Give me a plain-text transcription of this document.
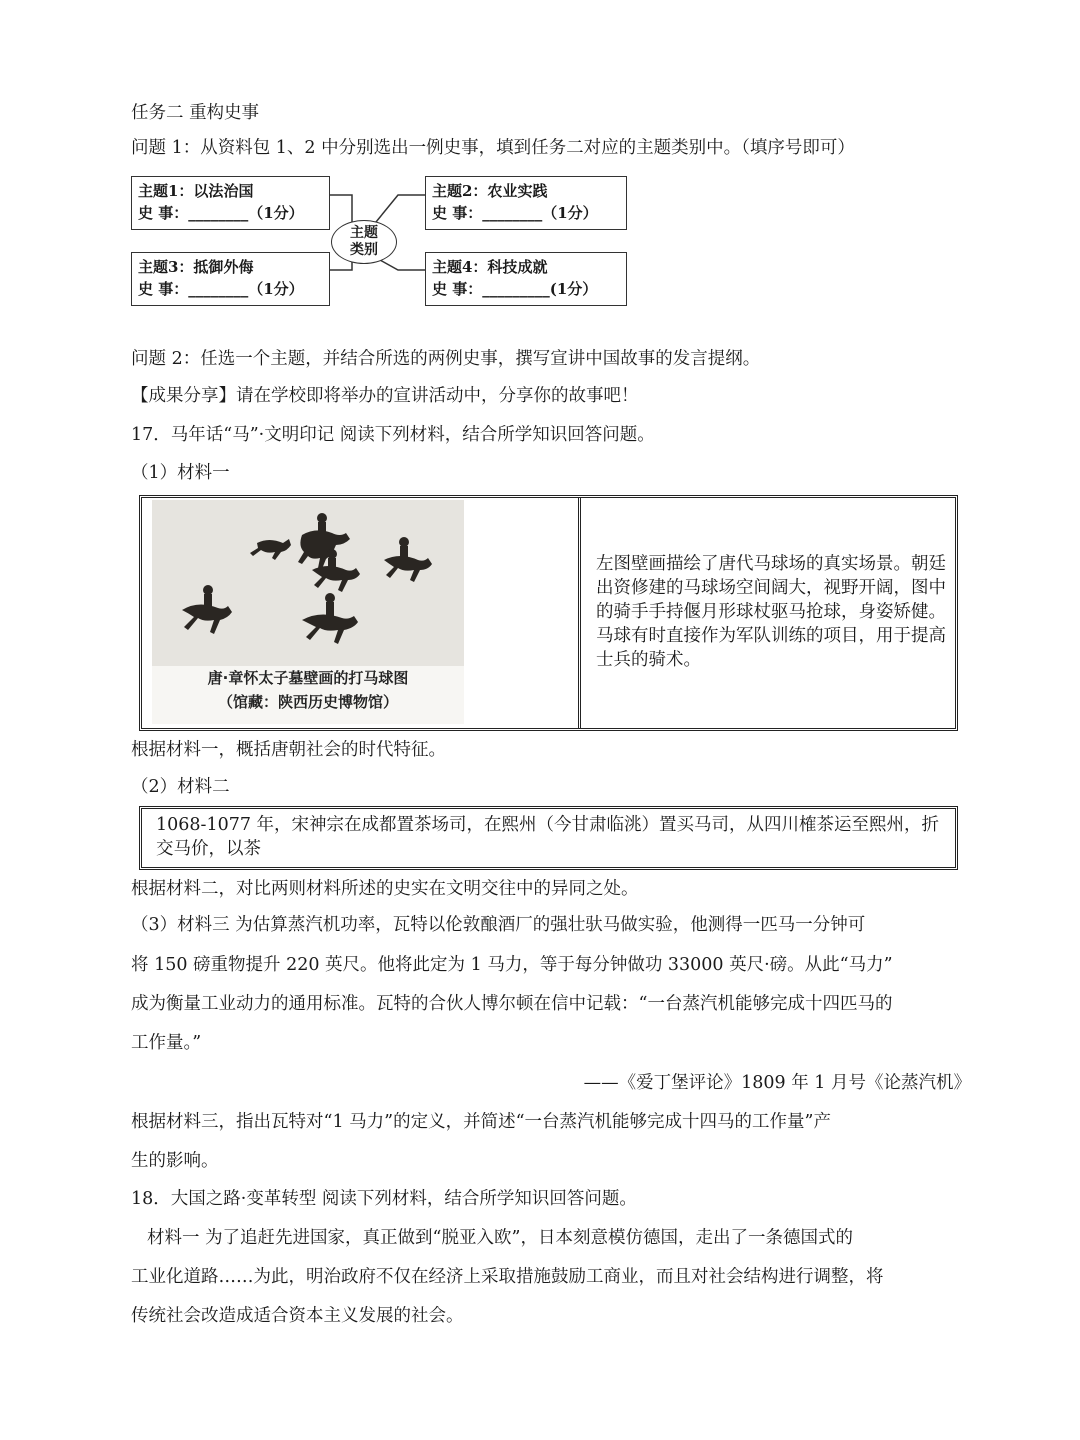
任务二 重构史事
问题 1：从资料包 1、2 中分别选出一例史事，填到任务二对应的主题类别中。（填序号即可）
主题1：以法治国
史 事：________（1分）
主题2：农业实践
史 事：________（1分）
主题3：抵御外侮
史 事：________（1分）
主题4：科技成就
史 事：_________(1分）
主题
类别
问题 2：任选一个主题，并结合所选的两例史事，撰写宣讲中国故事的发言提纲。
【成果分享】请在学校即将举办的宣讲活动中，分享你的故事吧！
17．马年话“马”·文明印记 阅读下列材料，结合所学知识回答问题。
（1）材料一
唐·章怀太子墓壁画的打马球图
（馆藏：陕西历史博物馆）
左图壁画描绘了唐代马球场的真实场景。朝廷出资修建的马球场空间阔大，视野开阔，图中的骑手手持偃月形球杖驱马抢球，身姿矫健。马球有时直接作为军队训练的项目，用于提高士兵的骑术。
根据材料一，概括唐朝社会的时代特征。
（2）材料二
1068-1077 年，宋神宗在成都置茶场司，在熙州（今甘肃临洮）置买马司，从四川榷茶运至熙州，折交马价，以茶
根据材料二，对比两则材料所述的史实在文明交往中的异同之处。
（3）材料三 为估算蒸汽机功率，瓦特以伦敦酿酒厂的强壮驮马做实验，他测得一匹马一分钟可
将 150 磅重物提升 220 英尺。他将此定为 1 马力，等于每分钟做功 33000 英尺·磅。从此“马力”
成为衡量工业动力的通用标准。瓦特的合伙人博尔顿在信中记载：“一台蒸汽机能够完成十四匹马的
工作量。”
——《爱丁堡评论》1809 年 1 月号《论蒸汽机》
根据材料三，指出瓦特对“1 马力”的定义，并简述“一台蒸汽机能够完成十四马的工作量”产
生的影响。
18．大国之路·变革转型 阅读下列材料，结合所学知识回答问题。
材料一 为了追赶先进国家，真正做到“脱亚入欧”，日本刻意模仿德国，走出了一条德国式的
工业化道路……为此，明治政府不仅在经济上采取措施鼓励工商业，而且对社会结构进行调整，将
传统社会改造成适合资本主义发展的社会。
